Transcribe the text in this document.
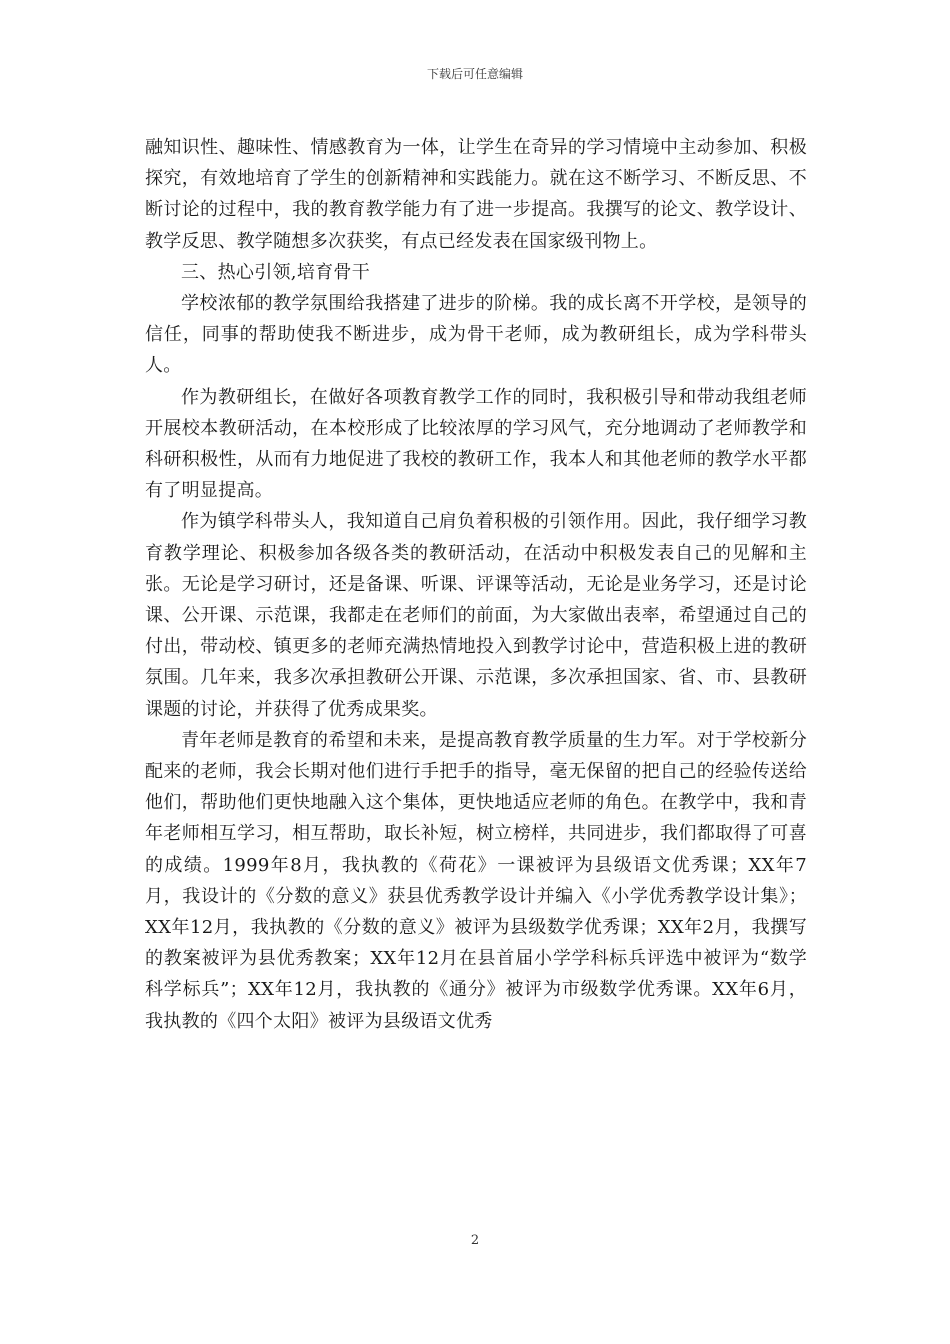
下载后可任意编辑

融知识性、趣味性、情感教育为一体，让学生在奇异的学习情境中主动参加、积极探究，有效地培育了学生的创新精神和实践能力。就在这不断学习、不断反思、不断讨论的过程中，我的教育教学能力有了进一步提高。我撰写的论文、教学设计、教学反思、教学随想多次获奖，有点已经发表在国家级刊物上。

三、热心引领,培育骨干

学校浓郁的教学氛围给我搭建了进步的阶梯。我的成长离不开学校，是领导的信任，同事的帮助使我不断进步，成为骨干老师，成为教研组长，成为学科带头人。

作为教研组长，在做好各项教育教学工作的同时，我积极引导和带动我组老师开展校本教研活动，在本校形成了比较浓厚的学习风气，充分地调动了老师教学和科研积极性，从而有力地促进了我校的教研工作，我本人和其他老师的教学水平都有了明显提高。

作为镇学科带头人，我知道自己肩负着积极的引领作用。因此，我仔细学习教育教学理论、积极参加各级各类的教研活动，在活动中积极发表自己的见解和主张。无论是学习研讨，还是备课、听课、评课等活动，无论是业务学习，还是讨论课、公开课、示范课，我都走在老师们的前面，为大家做出表率，希望通过自己的付出，带动校、镇更多的老师充满热情地投入到教学讨论中，营造积极上进的教研氛围。几年来，我多次承担教研公开课、示范课，多次承担国家、省、市、县教研课题的讨论，并获得了优秀成果奖。

青年老师是教育的希望和未来，是提高教育教学质量的生力军。对于学校新分配来的老师，我会长期对他们进行手把手的指导，毫无保留的把自己的经验传送给他们，帮助他们更快地融入这个集体，更快地适应老师的角色。在教学中，我和青年老师相互学习，相互帮助，取长补短，树立榜样，共同进步，我们都取得了可喜的成绩。1999年8月，我执教的《荷花》一课被评为县级语文优秀课；XX年7月，我设计的《分数的意义》获县优秀教学设计并编入《小学优秀教学设计集》；XX年12月，我执教的《分数的意义》被评为县级数学优秀课；XX年2月，我撰写的教案被评为县优秀教案；XX年12月在县首届小学学科标兵评选中被评为“数学科学标兵”；XX年12月，我执教的《通分》被评为市级数学优秀课。XX年6月，我执教的《四个太阳》被评为县级语文优秀

2
